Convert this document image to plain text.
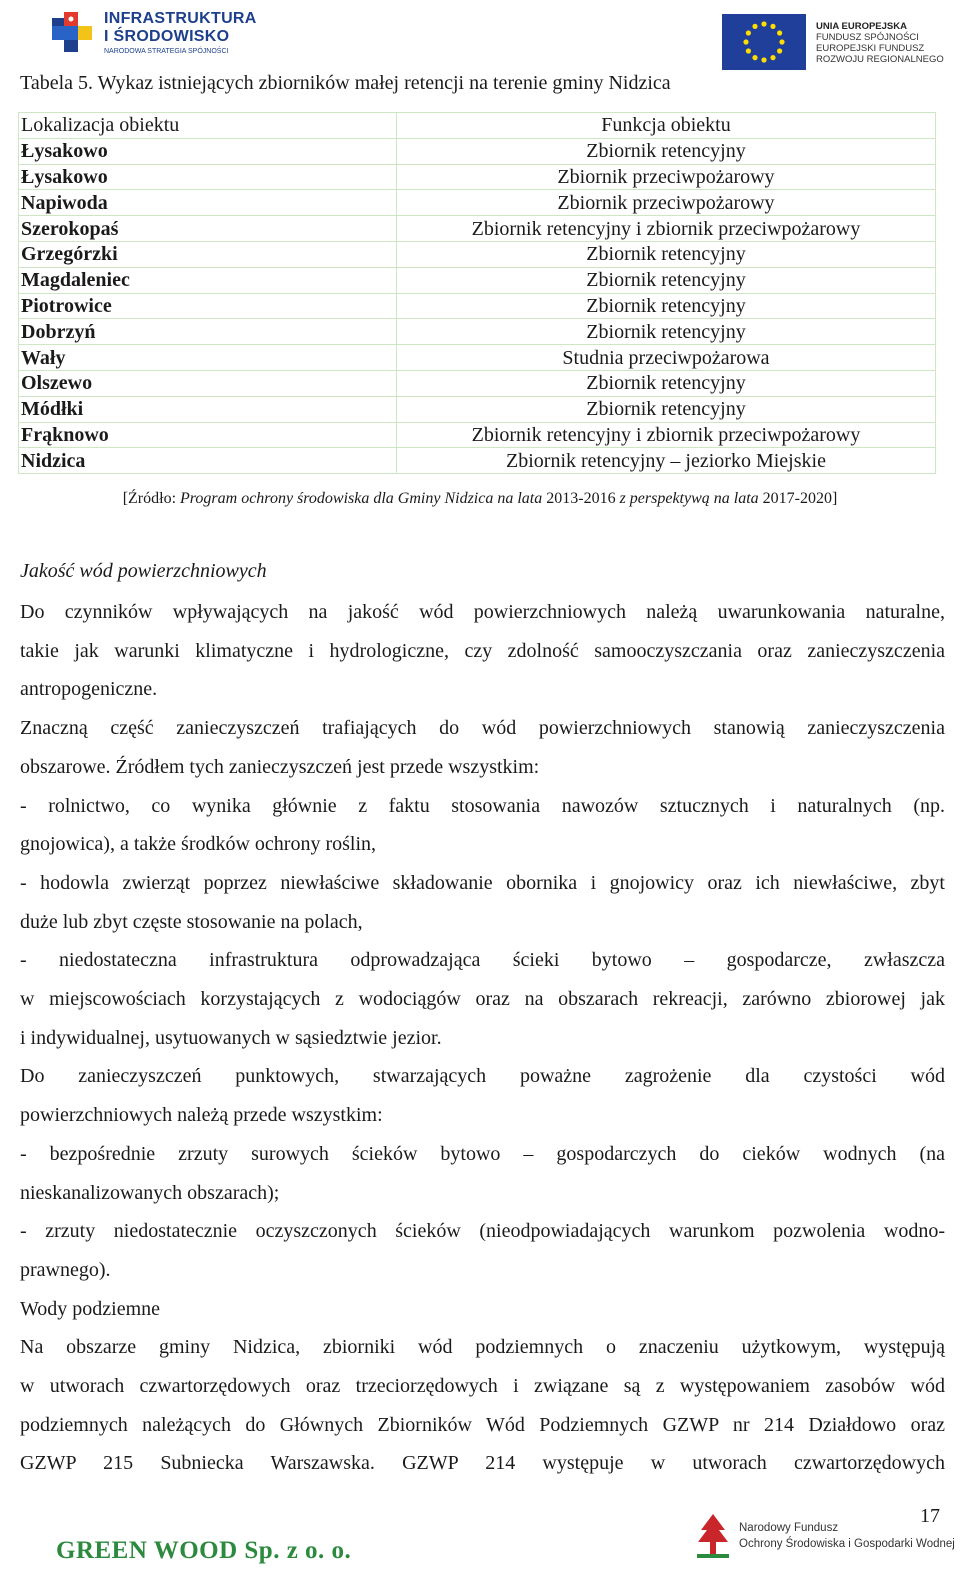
INFRASTRUKTURA
I ŚRODOWISKO
NARODOWA STRATEGIA SPÓJNOŚCI
UNIA EUROPEJSKA
FUNDUSZ SPÓJNOŚCI
EUROPEJSKI FUNDUSZ
ROZWOJU REGIONALNEGO
Tabela 5. Wykaz istniejących zbiorników małej retencji na terenie gminy Nidzica
Lokalizacja obiektu	Funkcja obiektu
Łysakowo	Zbiornik retencyjny
Łysakowo	Zbiornik przeciwpożarowy
Napiwoda	Zbiornik przeciwpożarowy
Szerokopaś	Zbiornik retencyjny i zbiornik przeciwpożarowy
Grzegórzki	Zbiornik retencyjny
Magdaleniec	Zbiornik retencyjny
Piotrowice	Zbiornik retencyjny
Dobrzyń	Zbiornik retencyjny
Wały	Studnia przeciwpożarowa
Olszewo	Zbiornik retencyjny
Módłki	Zbiornik retencyjny
Frąknowo	Zbiornik retencyjny i zbiornik przeciwpożarowy
Nidzica	Zbiornik retencyjny – jeziorko Miejskie
[Źródło: Program ochrony środowiska dla Gminy Nidzica na lata 2013-2016 z perspektywą na lata 2017-2020]
Jakość wód powierzchniowych

Do czynników wpływających na jakość wód powierzchniowych należą uwarunkowania naturalne,

takie jak warunki klimatyczne i hydrologiczne, czy zdolność samooczyszczania oraz zanieczyszczenia

antropogeniczne.

Znaczną część zanieczyszczeń trafiających do wód powierzchniowych stanowią zanieczyszczenia

obszarowe. Źródłem tych zanieczyszczeń jest przede wszystkim:

- rolnictwo, co wynika głównie z faktu stosowania nawozów sztucznych i naturalnych (np.

gnojowica), a także środków ochrony roślin,

- hodowla zwierząt poprzez niewłaściwe składowanie obornika i gnojowicy oraz ich niewłaściwe, zbyt

duże lub zbyt częste stosowanie na polach,

- niedostateczna infrastruktura odprowadzająca ścieki bytowo – gospodarcze, zwłaszcza

w miejscowościach korzystających z wodociągów oraz na obszarach rekreacji, zarówno zbiorowej jak

i indywidualnej, usytuowanych w sąsiedztwie jezior.

Do zanieczyszczeń punktowych, stwarzających poważne zagrożenie dla czystości wód

powierzchniowych należą przede wszystkim:

- bezpośrednie zrzuty surowych ścieków bytowo – gospodarczych do cieków wodnych (na

nieskanalizowanych obszarach);

- zrzuty niedostatecznie oczyszczonych ścieków (nieodpowiadających warunkom pozwolenia wodno-

prawnego).

Wody podziemne

Na obszarze gminy Nidzica, zbiorniki wód podziemnych o znaczeniu użytkowym, występują

w utworach czwartorzędowych oraz trzeciorzędowych i związane są z występowaniem zasobów wód

podziemnych należących do Głównych Zbiorników Wód Podziemnych GZWP nr 214 Działdowo oraz

GZWP 215 Subniecka Warszawska. GZWP 214 występuje w utworach czwartorzędowych

17
GREEN WOOD Sp. z o. o.
Narodowy Fundusz
Ochrony Środowiska i Gospodarki Wodnej
